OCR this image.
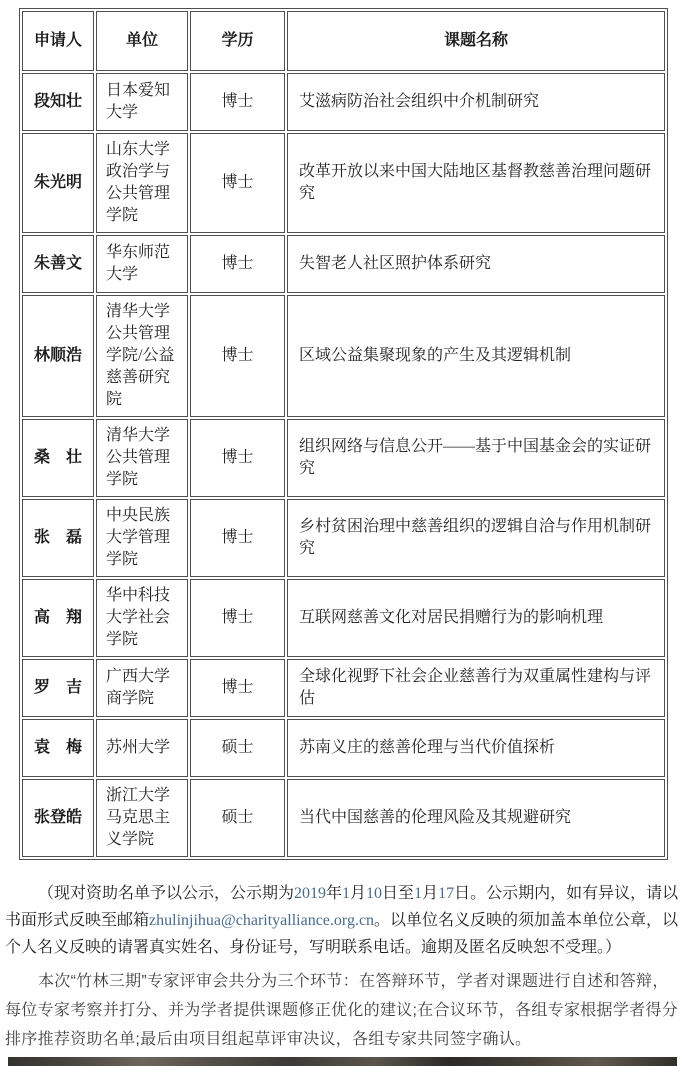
申请人	单位	学历	课题名称
段知壮	日本爱知大学	博士	艾滋病防治社会组织中介机制研究
朱光明	山东大学政治学与公共管理学院	博士	改革开放以来中国大陆地区基督教慈善治理问题研究
朱善文	华东师范大学	博士	失智老人社区照护体系研究
林顺浩	清华大学公共管理学院/公益慈善研究院	博士	区域公益集聚现象的产生及其逻辑机制
桑　壮	清华大学公共管理学院	博士	组织网络与信息公开——基于中国基金会的实证研究
张　磊	中央民族大学管理学院	博士	乡村贫困治理中慈善组织的逻辑自洽与作用机制研究
高　翔	华中科技大学社会学院	博士	互联网慈善文化对居民捐赠行为的影响机理
罗　吉	广西大学商学院	博士	全球化视野下社会企业慈善行为双重属性建构与评估
袁　梅	苏州大学	硕士	苏南义庄的慈善伦理与当代价值探析
张登皓	浙江大学马克思主义学院	硕士	当代中国慈善的伦理风险及其规避研究

（现对资助名单予以公示，公示期为2019年1月10日至1月17日。公示期内，如有异议，请以书面形式反映至邮箱zhulinjihua@charityalliance.org.cn。以单位名义反映的须加盖本单位公章，以个人名义反映的请署真实姓名、身份证号，写明联系电话。逾期及匿名反映恕不受理。）

本次“竹林三期”专家评审会共分为三个环节：在答辩环节，学者对课题进行自述和答辩，每位专家考察并打分、并为学者提供课题修正优化的建议;在合议环节，各组专家根据学者得分排序推荐资助名单;最后由项目组起草评审决议，各组专家共同签字确认。
